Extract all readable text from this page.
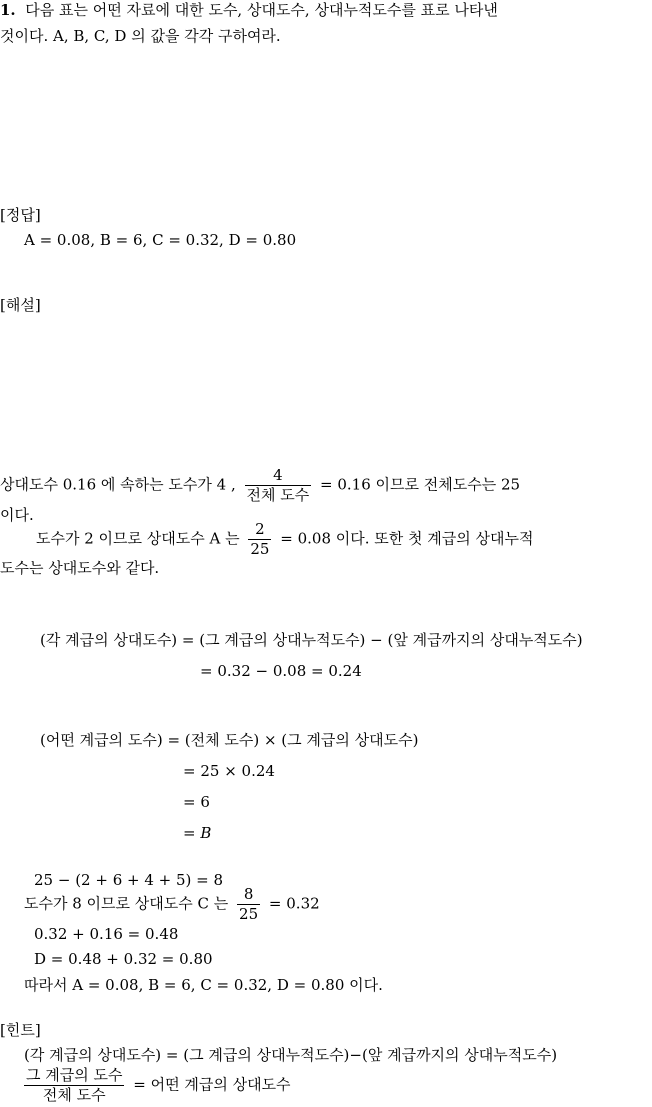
1. 다음 표는 어떤 자료에 대한 도수, 상대도수, 상대누적도수를 표로 나타낸
것이다. A, B, C, D 의 값을 각각 구하여라.
[정답]
A = 0.08, B = 6, C = 0.32, D = 0.80
[해설]
상대도수 0.16 에 속하는 도수가 4 , $\frac{4}{\text{전체 도수}} = 0.16$ 이므로 전체도수는 25
이다.
도수가 2 이므로 상대도수 A 는 $\frac{2}{25} = 0.08$ 이다. 또한 첫 계급의 상대누적
도수는 상대도수와 같다.
(각 계급의 상대도수) = (그 계급의 상대누적도수) − (앞 계급까지의 상대누적도수)
= 0.32 − 0.08 = 0.24
(어떤 계급의 도수) = (전체 도수) × (그 계급의 상대도수)
= 25 × 0.24
= 6
= B
25 − (2 + 6 + 4 + 5) = 8
도수가 8 이므로 상대도수 C 는 $\frac{8}{25} = 0.32$
0.32 + 0.16 = 0.48
D = 0.48 + 0.32 = 0.80
따라서 A = 0.08, B = 6, C = 0.32, D = 0.80 이다.
[힌트]
(각 계급의 상대도수) = (그 계급의 상대누적도수)−(앞 계급까지의 상대누적도수)
$\frac{\text{그 계급의 도수}}{\text{전체 도수}}$ = 어떤 계급의 상대도수
